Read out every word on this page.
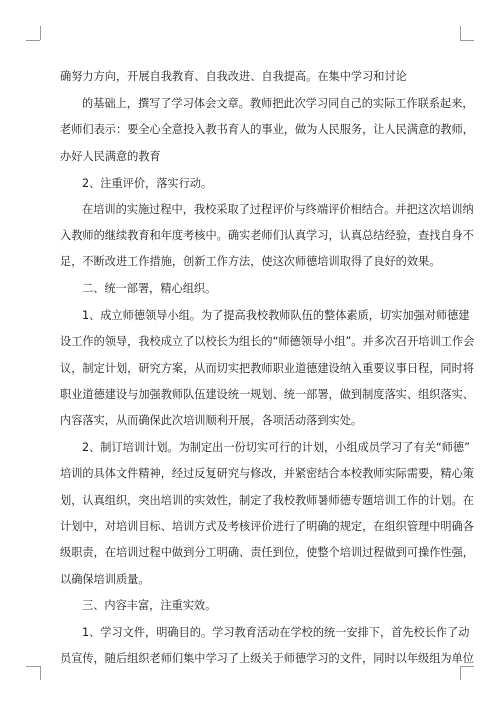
确努力方向，开展自我教育、自我改进、自我提高。在集中学习和讨论
的基础上，撰写了学习体会文章。教师把此次学习同自己的实际工作联系起来，
老师们表示：要全心全意投入教书育人的事业，做为人民服务，让人民满意的教师，
办好人民满意的教育
2、注重评价，落实行动。
在培训的实施过程中，我校采取了过程评价与终端评价相结合。并把这次培训纳
入教师的继续教育和年度考核中。确实老师们认真学习，认真总结经验，查找自身不
足，不断改进工作措施，创新工作方法，使这次师德培训取得了良好的效果。
二、统一部署，精心组织。
1、成立师德领导小组。为了提高我校教师队伍的整体素质，切实加强对师德建
设工作的领导，我校成立了以校长为组长的“师德领导小组”。并多次召开培训工作会
议，制定计划，研究方案，从而切实把教师职业道德建设纳入重要议事日程，同时将
职业道德建设与加强教师队伍建设统一规划、统一部署，做到制度落实、组织落实、
内容落实，从而确保此次培训顺利开展，各项活动落到实处。
2、制订培训计划。为制定出一份切实可行的计划，小组成员学习了有关“师德”
培训的具体文件精神，经过反复研究与修改，并紧密结合本校教师实际需要，精心策
划，认真组织，突出培训的实效性，制定了我校教师暑师德专题培训工作的计划。在
计划中，对培训目标、培训方式及考核评价进行了明确的规定，在组织管理中明确各
级职责，在培训过程中做到分工明确、责任到位，使整个培训过程做到可操作性强，
以确保培训质量。
三、内容丰富，注重实效。
1、学习文件，明确目的。学习教育活动在学校的统一安排下，首先校长作了动
员宣传，随后组织老师们集中学习了上级关于师德学习的文件，同时以年级组为单位
